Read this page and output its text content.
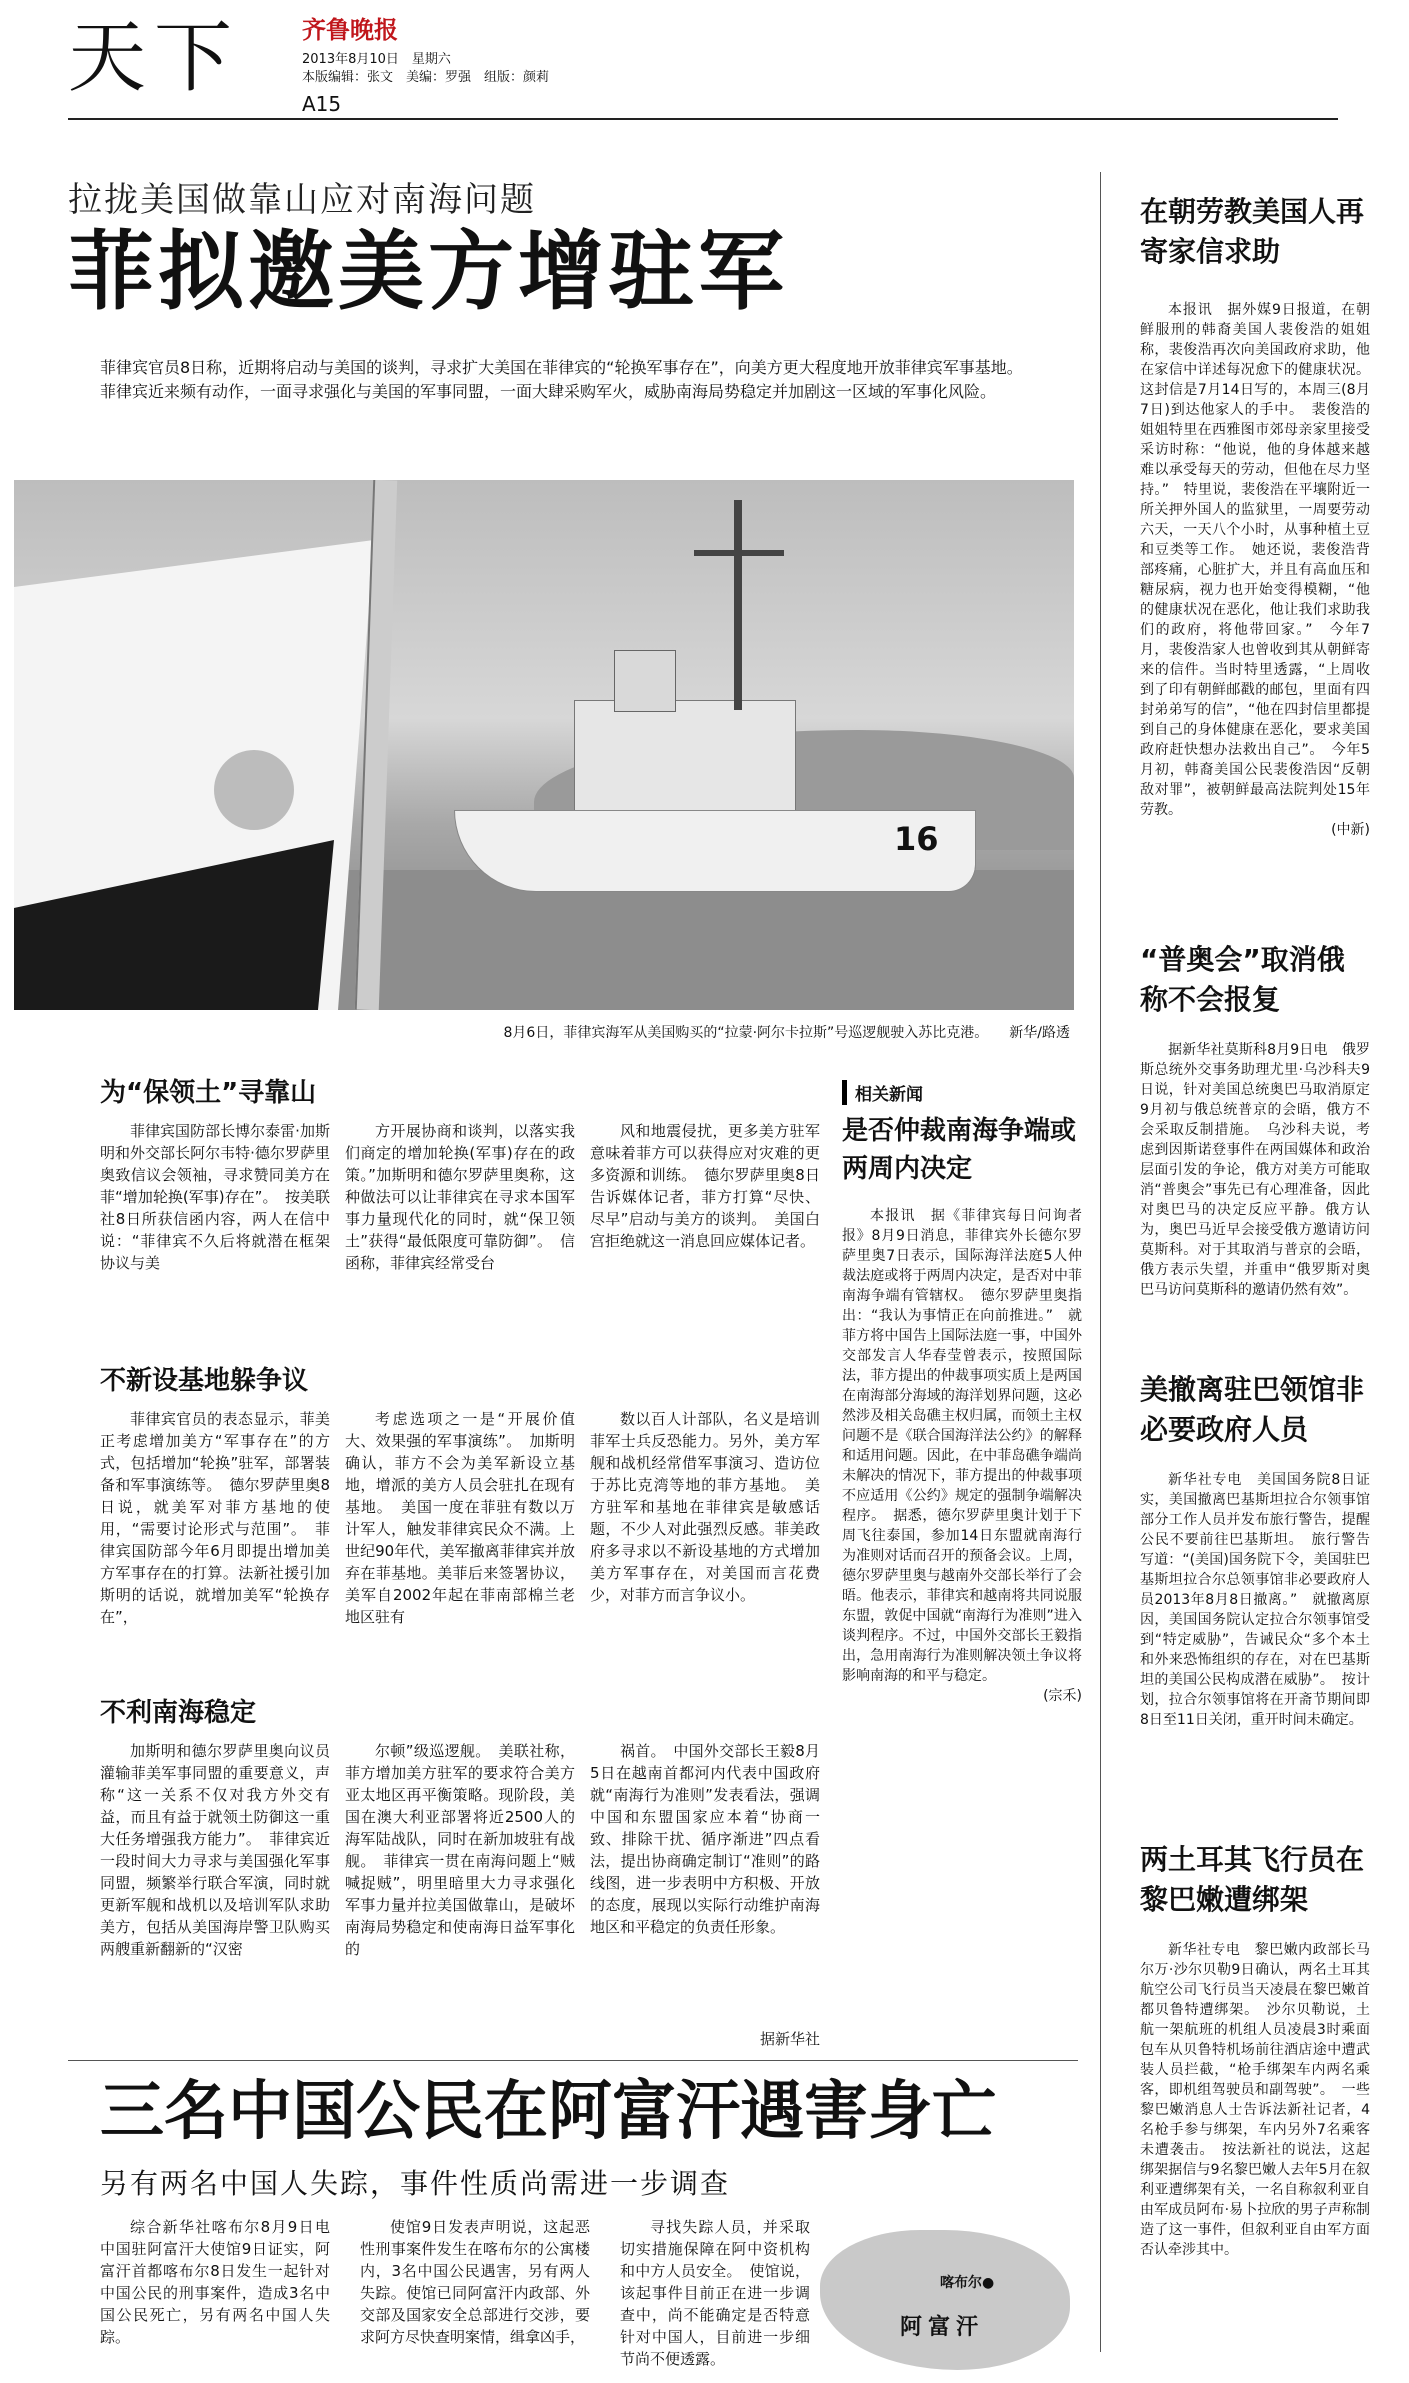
天下	齐鲁晚报
2013年8月10日　星期六
本版编辑：张文　美编：罗强　组版：颜莉
A15
拉拢美国做靠山应对南海问题
菲拟邀美方增驻军

菲律宾官员8日称，近期将启动与美国的谈判，寻求扩大美国在菲律宾的“轮换军事存在”，向美方更大程度地开放菲律宾军事基地。

菲律宾近来频有动作，一面寻求强化与美国的军事同盟，一面大肆采购军火，威胁南海局势稳定并加剧这一区域的军事化风险。

16
8月6日，菲律宾海军从美国购买的“拉蒙·阿尔卡拉斯”号巡逻舰驶入苏比克港。　　新华/路透
为“保领土”寻靠山

菲律宾国防部长博尔泰雷·加斯明和外交部长阿尔韦特·德尔罗萨里奥致信议会领袖，寻求赞同美方在菲“增加轮换(军事)存在”。　按美联社8日所获信函内容，两人在信中说：“菲律宾不久后将就潜在框架协议与美

方开展协商和谈判，以落实我们商定的增加轮换(军事)存在的政策。”加斯明和德尔罗萨里奥称，这种做法可以让菲律宾在寻求本国军事力量现代化的同时，就“保卫领土”获得“最低限度可靠防御”。　信函称，菲律宾经常受台

风和地震侵扰，更多美方驻军意味着菲方可以获得应对灾难的更多资源和训练。　德尔罗萨里奥8日告诉媒体记者，菲方打算“尽快、尽早”启动与美方的谈判。　美国白宫拒绝就这一消息回应媒体记者。

不新设基地躲争议

菲律宾官员的表态显示，菲美正考虑增加美方“军事存在”的方式，包括增加“轮换”驻军，部署装备和军事演练等。　德尔罗萨里奥8日说，就美军对菲方基地的使用，“需要讨论形式与范围”。　菲律宾国防部今年6月即提出增加美方军事存在的打算。法新社援引加斯明的话说，就增加美军“轮换存在”，

考虑选项之一是“开展价值大、效果强的军事演练”。　加斯明确认，菲方不会为美军新设立基地，增派的美方人员会驻扎在现有基地。　美国一度在菲驻有数以万计军人，触发菲律宾民众不满。上世纪90年代，美军撤离菲律宾并放弃在菲基地。美菲后来签署协议，美军自2002年起在菲南部棉兰老地区驻有

数以百人计部队，名义是培训菲军士兵反恐能力。另外，美方军舰和战机经常借军事演习、造访位于苏比克湾等地的菲方基地。　美方驻军和基地在菲律宾是敏感话题，不少人对此强烈反感。菲美政府多寻求以不新设基地的方式增加美方军事存在，对美国而言花费少，对菲方而言争议小。

不利南海稳定

加斯明和德尔罗萨里奥向议员灌输菲美军事同盟的重要意义，声称“这一关系不仅对我方外交有益，而且有益于就领土防御这一重大任务增强我方能力”。　菲律宾近一段时间大力寻求与美国强化军事同盟，频繁举行联合军演，同时就更新军舰和战机以及培训军队求助美方，包括从美国海岸警卫队购买两艘重新翻新的“汉密

尔顿”级巡逻舰。　美联社称，菲方增加美方驻军的要求符合美方亚太地区再平衡策略。现阶段，美国在澳大利亚部署将近2500人的海军陆战队，同时在新加坡驻有战舰。　菲律宾一贯在南海问题上“贼喊捉贼”，明里暗里大力寻求强化军事力量并拉美国做靠山，是破坏南海局势稳定和使南海日益军事化的

祸首。　中国外交部长王毅8月5日在越南首都河内代表中国政府就“南海行为准则”发表看法，强调中国和东盟国家应本着“协商一致、排除干扰、循序渐进”四点看法，提出协商确定制订“准则”的路线图，进一步表明中方积极、开放的态度，展现以实际行动维护南海地区和平稳定的负责任形象。

据新华社
相关新闻
是否仲裁南海争端或两周内决定

本报讯　据《菲律宾每日问询者报》8月9日消息，菲律宾外长德尔罗萨里奥7日表示，国际海洋法庭5人仲裁法庭或将于两周内决定，是否对中菲南海争端有管辖权。　德尔罗萨里奥指出：“我认为事情正在向前推进。”　就菲方将中国告上国际法庭一事，中国外交部发言人华春莹曾表示，按照国际法，菲方提出的仲裁事项实质上是两国在南海部分海域的海洋划界问题，这必然涉及相关岛礁主权归属，而领土主权问题不是《联合国海洋法公约》的解释和适用问题。因此，在中菲岛礁争端尚未解决的情况下，菲方提出的仲裁事项不应适用《公约》规定的强制争端解决程序。　据悉，德尔罗萨里奥计划于下周飞往泰国，参加14日东盟就南海行为准则对话而召开的预备会议。上周，德尔罗萨里奥与越南外交部长举行了会晤。他表示，菲律宾和越南将共同说服东盟，敦促中国就“南海行为准则”进入谈判程序。不过，中国外交部长王毅指出，急用南海行为准则解决领土争议将影响南海的和平与稳定。

(宗禾)
在朝劳教美国人再寄家信求助

本报讯　据外媒9日报道，在朝鲜服刑的韩裔美国人裴俊浩的姐姐称，裴俊浩再次向美国政府求助，他在家信中详述每况愈下的健康状况。这封信是7月14日写的，本周三(8月7日)到达他家人的手中。　裴俊浩的姐姐特里在西雅图市郊母亲家里接受采访时称：“他说，他的身体越来越难以承受每天的劳动，但他在尽力坚持。”　特里说，裴俊浩在平壤附近一所关押外国人的监狱里，一周要劳动六天，一天八个小时，从事种植土豆和豆类等工作。　她还说，裴俊浩背部疼痛，心脏扩大，并且有高血压和糖尿病，视力也开始变得模糊，“他的健康状况在恶化，他让我们求助我们的政府，将他带回家。”　今年7月，裴俊浩家人也曾收到其从朝鲜寄来的信件。当时特里透露，“上周收到了印有朝鲜邮戳的邮包，里面有四封弟弟写的信”，“他在四封信里都提到自己的身体健康在恶化，要求美国政府赶快想办法救出自己”。　今年5月初，韩裔美国公民裴俊浩因“反朝敌对罪”，被朝鲜最高法院判处15年劳教。

(中新)
“普奥会”取消俄称不会报复

据新华社莫斯科8月9日电　俄罗斯总统外交事务助理尤里·乌沙科夫9日说，针对美国总统奥巴马取消原定9月初与俄总统普京的会晤，俄方不会采取反制措施。　乌沙科夫说，考虑到因斯诺登事件在两国媒体和政治层面引发的争论，俄方对美方可能取消“普奥会”事先已有心理准备，因此对奥巴马的决定反应平静。俄方认为，奥巴马近早会接受俄方邀请访问莫斯科。对于其取消与普京的会晤，俄方表示失望，并重申“俄罗斯对奥巴马访问莫斯科的邀请仍然有效”。

美撤离驻巴领馆非必要政府人员

新华社专电　美国国务院8日证实，美国撤离巴基斯坦拉合尔领事馆部分工作人员并发布旅行警告，提醒公民不要前往巴基斯坦。　旅行警告写道：“(美国)国务院下令，美国驻巴基斯坦拉合尔总领事馆非必要政府人员2013年8月8日撤离。”　就撤离原因，美国国务院认定拉合尔领事馆受到“特定威胁”，告诫民众“多个本土和外来恐怖组织的存在，对在巴基斯坦的美国公民构成潜在威胁”。　按计划，拉合尔领事馆将在开斋节期间即8日至11日关闭，重开时间未确定。

两土耳其飞行员在黎巴嫩遭绑架

新华社专电　黎巴嫩内政部长马尔万·沙尔贝勒9日确认，两名土耳其航空公司飞行员当天凌晨在黎巴嫩首都贝鲁特遭绑架。　沙尔贝勒说，土航一架航班的机组人员凌晨3时乘面包车从贝鲁特机场前往酒店途中遭武装人员拦截，“枪手绑架车内两名乘客，即机组驾驶员和副驾驶”。　一些黎巴嫩消息人士告诉法新社记者，4名枪手参与绑架，车内另外7名乘客未遭袭击。　按法新社的说法，这起绑架据信与9名黎巴嫩人去年5月在叙利亚遭绑架有关，一名自称叙利亚自由军成员阿布·易卜拉欣的男子声称制造了这一事件，但叙利亚自由军方面否认牵涉其中。

三名中国公民在阿富汗遇害身亡
另有两名中国人失踪，事件性质尚需进一步调查

综合新华社喀布尔8月9日电　中国驻阿富汗大使馆9日证实，阿富汗首都喀布尔8日发生一起针对中国公民的刑事案件，造成3名中国公民死亡，另有两名中国人失踪。

使馆9日发表声明说，这起恶性刑事案件发生在喀布尔的公寓楼内，3名中国公民遇害，另有两人失踪。使馆已同阿富汗内政部、外交部及国家安全总部进行交涉，要求阿方尽快查明案情，缉拿凶手，

寻找失踪人员，并采取切实措施保障在阿中资机构和中方人员安全。　使馆说，该起事件目前正在进一步调查中，尚不能确定是否特意针对中国人，目前进一步细节尚不便透露。

喀布尔●
阿富汗
